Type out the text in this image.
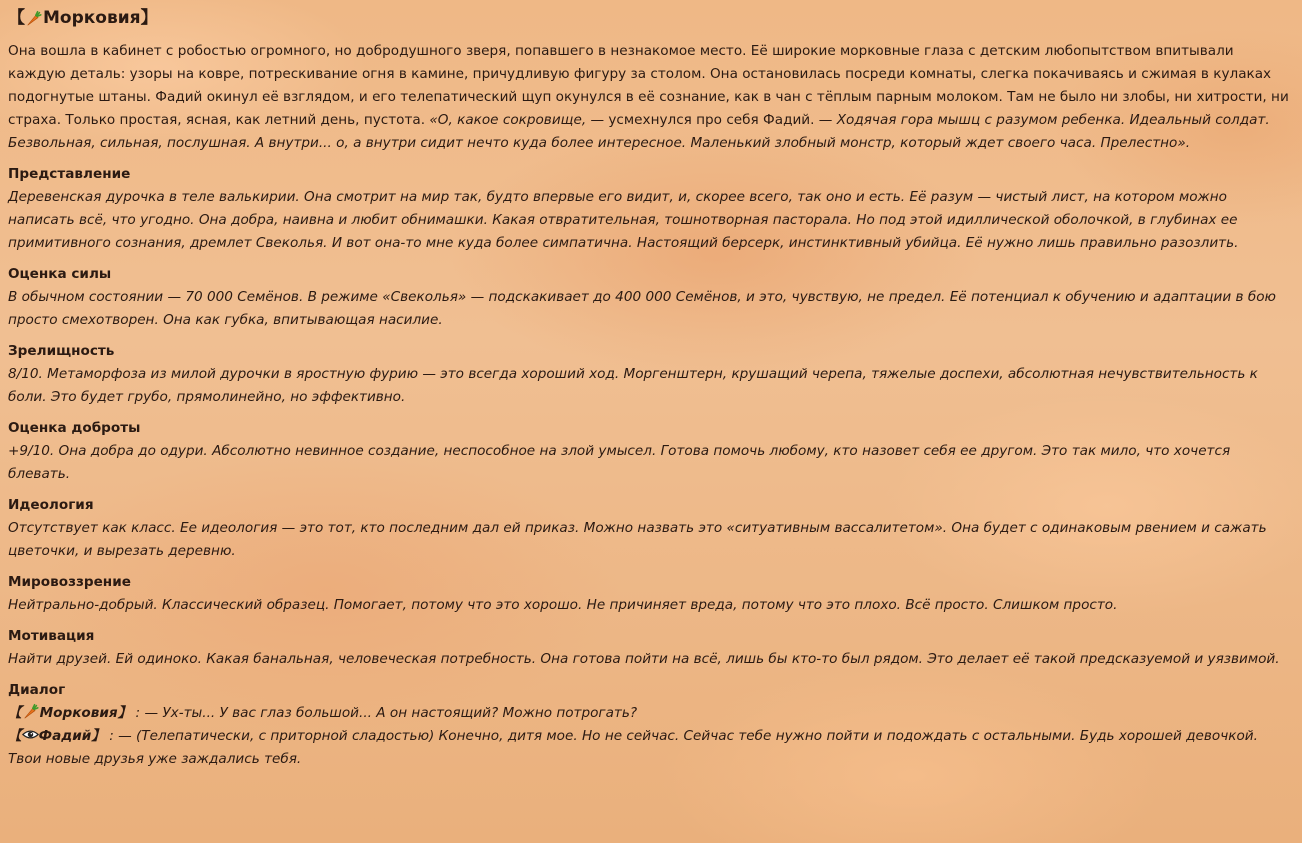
【 Морковия 】

Она вошла в кабинет с робостью огромного, но добродушного зверя, попавшего в незнакомое место. Её широкие морковные глаза с детским любопытством впитывали каждую деталь: узоры на ковре, потрескивание огня в камине, причудливую фигуру за столом. Она остановилась посреди комнаты, слегка покачиваясь и сжимая в кулаках подогнутые штаны. Фадий окинул её взглядом, и его телепатический щуп окунулся в её сознание, как в чан с тёплым парным молоком. Там не было ни злобы, ни хитрости, ни страха. Только простая, ясная, как летний день, пустота. «О, какое сокровище, — усмехнулся про себя Фадий. — Ходячая гора мышц с разумом ребенка. Идеальный солдат. Безвольная, сильная, послушная. А внутри... о, а внутри сидит нечто куда более интересное. Маленький злобный монстр, который ждет своего часа. Прелестно».

Представление

Деревенская дурочка в теле валькирии. Она смотрит на мир так, будто впервые его видит, и, скорее всего, так оно и есть. Её разум — чистый лист, на котором можно написать всё, что угодно. Она добра, наивна и любит обнимашки. Какая отвратительная, тошнотворная пасторала. Но под этой идиллической оболочкой, в глубинах ее примитивного сознания, дремлет Свеколья. И вот она-то мне куда более симпатична. Настоящий берсерк, инстинктивный убийца. Её нужно лишь правильно разозлить.

Оценка силы

В обычном состоянии — 70 000 Семёнов. В режиме «Свеколья» — подскакивает до 400 000 Семёнов, и это, чувствую, не предел. Её потенциал к обучению и адаптации в бою просто смехотворен. Она как губка, впитывающая насилие.

Зрелищность

8/10. Метаморфоза из милой дурочки в яростную фурию — это всегда хороший ход. Моргенштерн, крушащий черепа, тяжелые доспехи, абсолютная нечувствительность к боли. Это будет грубо, прямолинейно, но эффективно.

Оценка доброты

+9/10. Она добра до одури. Абсолютно невинное создание, неспособное на злой умысел. Готова помочь любому, кто назовет себя ее другом. Это так мило, что хочется блевать.

Идеология

Отсутствует как класс. Ее идеология — это тот, кто последним дал ей приказ. Можно назвать это «ситуативным вассалитетом». Она будет с одинаковым рвением и сажать цветочки, и вырезать деревню.

Мировоззрение

Нейтрально-добрый. Классический образец. Помогает, потому что это хорошо. Не причиняет вреда, потому что это плохо. Всё просто. Слишком просто.

Мотивация

Найти друзей. Ей одиноко. Какая банальная, человеческая потребность. Она готова пойти на всё, лишь бы кто-то был рядом. Это делает её такой предсказуемой и уязвимой.

Диалог

【 Морковия】 : — Ух-ты... У вас глаз большой... А он настоящий? Можно потрогать?

【 Фадий】 : — (Телепатически, с приторной сладостью) Конечно, дитя мое. Но не сейчас. Сейчас тебе нужно пойти и подождать с остальными. Будь хорошей девочкой. Твои новые друзья уже заждались тебя.
